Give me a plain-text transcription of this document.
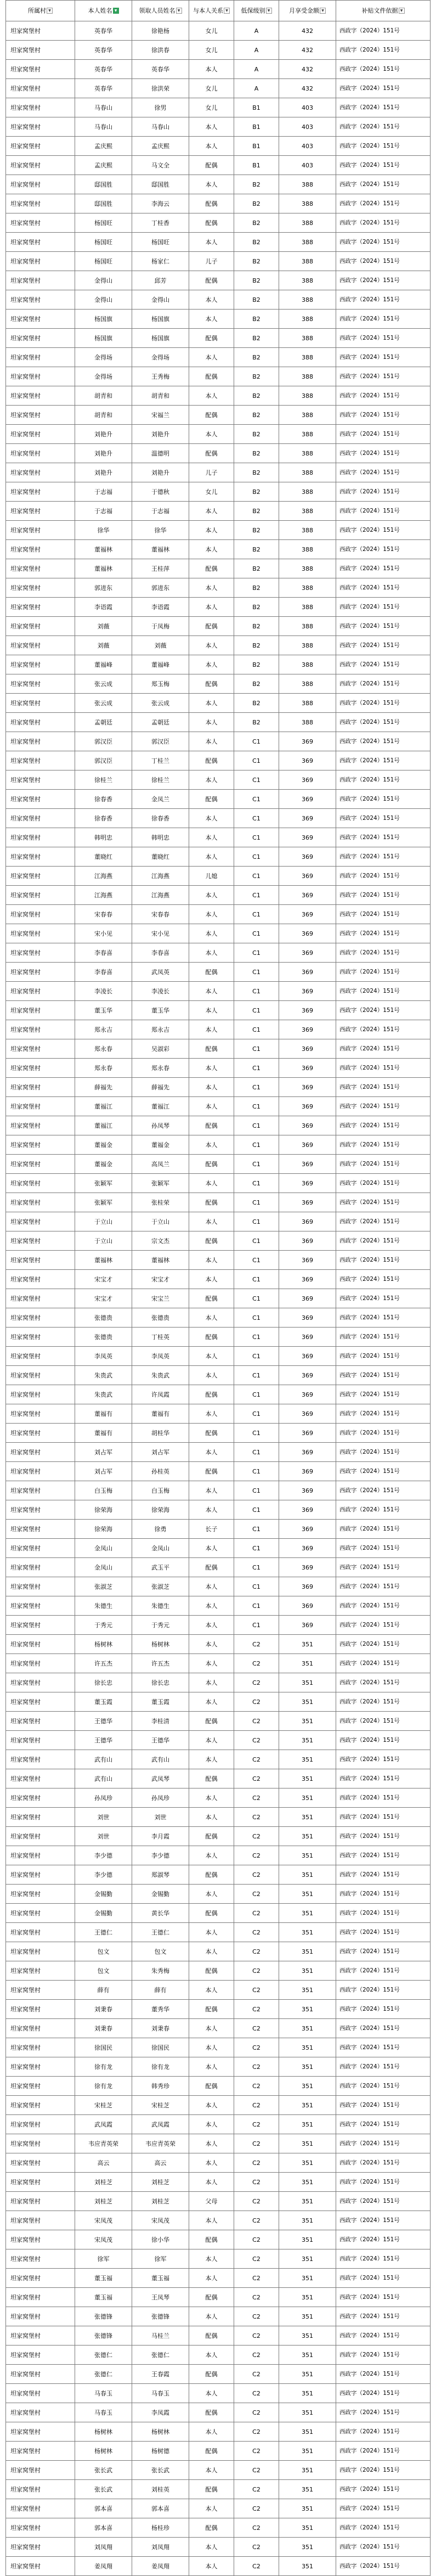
所属村 ▼	本人姓名 ▼	领取人员姓名 ▼	与本人关系 ▼	低保级别 ▼	月享受金额 ▼	补贴文件依据 ▼
坦家窝堡村	英春华	徐艳杨	女儿	A	432	西政字（2024）151号
坦家窝堡村	英春华	徐洪春	女儿	A	432	西政字（2024）151号
坦家窝堡村	英春华	英春华	本人	A	432	西政字（2024）151号
坦家窝堡村	英春华	徐洪荣	女儿	A	432	西政字（2024）151号
坦家窝堡村	马春山	徐男	女儿	B1	403	西政字（2024）151号
坦家窝堡村	马春山	马春山	本人	B1	403	西政字（2024）151号
坦家窝堡村	孟庆熙	孟庆熙	本人	B1	403	西政字（2024）151号
坦家窝堡村	孟庆熙	马文全	配偶	B1	403	西政字（2024）151号
坦家窝堡村	邸国胜	邸国胜	本人	B2	388	西政字（2024）151号
坦家窝堡村	邸国胜	李海云	配偶	B2	388	西政字（2024）151号
坦家窝堡村	杨国旺	丁桂香	配偶	B2	388	西政字（2024）151号
坦家窝堡村	杨国旺	杨国旺	本人	B2	388	西政字（2024）151号
坦家窝堡村	杨国旺	杨家仁	儿子	B2	388	西政字（2024）151号
坦家窝堡村	金得山	邱芳	配偶	B2	388	西政字（2024）151号
坦家窝堡村	金得山	金得山	本人	B2	388	西政字（2024）151号
坦家窝堡村	杨国旗	杨国旗	本人	B2	388	西政字（2024）151号
坦家窝堡村	杨国旗	杨国旗	配偶	B2	388	西政字（2024）151号
坦家窝堡村	金得场	金得场	本人	B2	388	西政字（2024）151号
坦家窝堡村	金得场	王秀梅	配偶	B2	388	西政字（2024）151号
坦家窝堡村	胡青和	胡青和	本人	B2	388	西政字（2024）151号
坦家窝堡村	胡青和	宋福兰	配偶	B2	388	西政字（2024）151号
坦家窝堡村	刘艳升	刘艳升	本人	B2	388	西政字（2024）151号
坦家窝堡村	刘艳升	温德明	配偶	B2	388	西政字（2024）151号
坦家窝堡村	刘艳升	刘艳升	儿子	B2	388	西政字（2024）151号
坦家窝堡村	于志福	于德秋	女儿	B2	388	西政字（2024）151号
坦家窝堡村	于志福	于志福	本人	B2	388	西政字（2024）151号
坦家窝堡村	徐华	徐华	本人	B2	388	西政字（2024）151号
坦家窝堡村	董福林	董福林	本人	B2	388	西政字（2024）151号
坦家窝堡村	董福林	王桂萍	配偶	B2	388	西政字（2024）151号
坦家窝堡村	郭进东	郭进东	本人	B2	388	西政字（2024）151号
坦家窝堡村	李语霞	李语霞	本人	B2	388	西政字（2024）151号
坦家窝堡村	刘薇	于凤梅	配偶	B2	388	西政字（2024）151号
坦家窝堡村	刘薇	刘薇	本人	B2	388	西政字（2024）151号
坦家窝堡村	董福峰	董福峰	本人	B2	388	西政字（2024）151号
坦家窝堡村	张云成	郑玉梅	配偶	B2	388	西政字（2024）151号
坦家窝堡村	张云成	张云成	本人	B2	388	西政字（2024）151号
坦家窝堡村	孟朝廷	孟朝廷	本人	B2	388	西政字（2024）151号
坦家窝堡村	郭汉臣	郭汉臣	本人	C1	369	西政字（2024）151号
坦家窝堡村	郭汉臣	丁桂兰	配偶	C1	369	西政字（2024）151号
坦家窝堡村	徐桂兰	徐桂兰	本人	C1	369	西政字（2024）151号
坦家窝堡村	徐春香	金凤兰	配偶	C1	369	西政字（2024）151号
坦家窝堡村	徐春香	徐春香	本人	C1	369	西政字（2024）151号
坦家窝堡村	韩明忠	韩明忠	本人	C1	369	西政字（2024）151号
坦家窝堡村	董晓红	董晓红	本人	C1	369	西政字（2024）151号
坦家窝堡村	江海燕	江海燕	儿媳	C1	369	西政字（2024）151号
坦家窝堡村	江海燕	江海燕	本人	C1	369	西政字（2024）151号
坦家窝堡村	宋春春	宋春春	本人	C1	369	西政字（2024）151号
坦家窝堡村	宋小见	宋小见	本人	C1	369	西政字（2024）151号
坦家窝堡村	李春喜	李春喜	本人	C1	369	西政字（2024）151号
坦家窝堡村	李春喜	武凤英	配偶	C1	369	西政字（2024）151号
坦家窝堡村	李凌长	李凌长	本人	C1	369	西政字（2024）151号
坦家窝堡村	董玉华	董玉华	本人	C1	369	西政字（2024）151号
坦家窝堡村	郑永吉	郑永吉	本人	C1	369	西政字（2024）151号
坦家窝堡村	郑永春	吴淑彩	配偶	C1	369	西政字（2024）151号
坦家窝堡村	郑永春	郑永春	本人	C1	369	西政字（2024）151号
坦家窝堡村	薛福先	薛福先	本人	C1	369	西政字（2024）151号
坦家窝堡村	董福江	董福江	本人	C1	369	西政字（2024）151号
坦家窝堡村	董福江	孙凤琴	配偶	C1	369	西政字（2024）151号
坦家窝堡村	董福金	董福金	本人	C1	369	西政字（2024）151号
坦家窝堡村	董福金	高凤兰	配偶	C1	369	西政字（2024）151号
坦家窝堡村	张颖军	张颖军	本人	C1	369	西政字（2024）151号
坦家窝堡村	张颖军	张桂荣	配偶	C1	369	西政字（2024）151号
坦家窝堡村	于立山	于立山	本人	C1	369	西政字（2024）151号
坦家窝堡村	于立山	宗文杰	配偶	C1	369	西政字（2024）151号
坦家窝堡村	董福林	董福林	本人	C1	369	西政字（2024）151号
坦家窝堡村	宋宝才	宋宝才	本人	C1	369	西政字（2024）151号
坦家窝堡村	宋宝才	宋宝兰	配偶	C1	369	西政字（2024）151号
坦家窝堡村	张德贵	张德贵	本人	C1	369	西政字（2024）151号
坦家窝堡村	张德贵	丁桂英	配偶	C1	369	西政字（2024）151号
坦家窝堡村	李凤英	李凤英	本人	C1	369	西政字（2024）151号
坦家窝堡村	朱贵武	朱贵武	本人	C1	369	西政字（2024）151号
坦家窝堡村	朱贵武	许凤霞	配偶	C1	369	西政字（2024）151号
坦家窝堡村	董福有	董福有	本人	C1	369	西政字（2024）151号
坦家窝堡村	董福有	胡桂华	配偶	C1	369	西政字（2024）151号
坦家窝堡村	刘占军	刘占军	本人	C1	369	西政字（2024）151号
坦家窝堡村	刘占军	孙桂英	配偶	C1	369	西政字（2024）151号
坦家窝堡村	白玉梅	白玉梅	本人	C1	369	西政字（2024）151号
坦家窝堡村	徐荣海	徐荣海	本人	C1	369	西政字（2024）151号
坦家窝堡村	徐荣海	徐勇	长子	C1	369	西政字（2024）151号
坦家窝堡村	金凤山	金凤山	本人	C1	369	西政字（2024）151号
坦家窝堡村	金凤山	武玉平	配偶	C1	369	西政字（2024）151号
坦家窝堡村	张淑芝	张淑芝	本人	C1	369	西政字（2024）151号
坦家窝堡村	朱德生	朱德生	本人	C1	369	西政字（2024）151号
坦家窝堡村	于秀元	于秀元	本人	C1	369	西政字（2024）151号
坦家窝堡村	杨树林	杨树林	本人	C2	351	西政字（2024）151号
坦家窝堡村	许五杰	许五杰	本人	C2	351	西政字（2024）151号
坦家窝堡村	徐长忠	徐长忠	本人	C2	351	西政字（2024）151号
坦家窝堡村	董玉霞	董玉霞	本人	C2	351	西政字（2024）151号
坦家窝堡村	王德华	李桂清	配偶	C2	351	西政字（2024）151号
坦家窝堡村	王德华	王德华	本人	C2	351	西政字（2024）151号
坦家窝堡村	武有山	武有山	本人	C2	351	西政字（2024）151号
坦家窝堡村	武有山	武凤琴	配偶	C2	351	西政字（2024）151号
坦家窝堡村	孙凤珍	孙凤珍	本人	C2	351	西政字（2024）151号
坦家窝堡村	刘世	刘世	本人	C2	351	西政字（2024）151号
坦家窝堡村	刘世	李月霞	配偶	C2	351	西政字（2024）151号
坦家窝堡村	李少德	李少德	本人	C2	351	西政字（2024）151号
坦家窝堡村	李少德	郑淑琴	配偶	C2	351	西政字（2024）151号
坦家窝堡村	金锡勤	金锡勤	本人	C2	351	西政字（2024）151号
坦家窝堡村	金锡勤	黄长华	配偶	C2	351	西政字（2024）151号
坦家窝堡村	王德仁	王德仁	本人	C2	351	西政字（2024）151号
坦家窝堡村	包文	包文	本人	C2	351	西政字（2024）151号
坦家窝堡村	包文	朱秀梅	配偶	C2	351	西政字（2024）151号
坦家窝堡村	薛有	薛有	本人	C2	351	西政字（2024）151号
坦家窝堡村	刘秉春	董秀华	配偶	C2	351	西政字（2024）151号
坦家窝堡村	刘秉春	刘秉春	本人	C2	351	西政字（2024）151号
坦家窝堡村	徐国民	徐国民	本人	C2	351	西政字（2024）151号
坦家窝堡村	徐有龙	徐有龙	本人	C2	351	西政字（2024）151号
坦家窝堡村	徐有龙	韩秀珍	配偶	C2	351	西政字（2024）151号
坦家窝堡村	宋桂芝	宋桂芝	本人	C2	351	西政字（2024）151号
坦家窝堡村	武凤霞	武凤霞	本人	C2	351	西政字（2024）151号
坦家窝堡村	韦应青英荣	韦应青英荣	本人	C2	351	西政字（2024）151号
坦家窝堡村	高云	高云	本人	C2	351	西政字（2024）151号
坦家窝堡村	刘桂芝	刘桂芝	本人	C2	351	西政字（2024）151号
坦家窝堡村	刘桂芝	刘桂芝	父母	C2	351	西政字（2024）151号
坦家窝堡村	宋凤茂	宋凤茂	本人	C2	351	西政字（2024）151号
坦家窝堡村	宋凤茂	徐小华	配偶	C2	351	西政字（2024）151号
坦家窝堡村	徐军	徐军	本人	C2	351	西政字（2024）151号
坦家窝堡村	董玉福	董玉福	本人	C2	351	西政字（2024）151号
坦家窝堡村	董玉福	王凤琴	配偶	C2	351	西政字（2024）151号
坦家窝堡村	张德锋	张德锋	本人	C2	351	西政字（2024）151号
坦家窝堡村	张德锋	马桂兰	配偶	C2	351	西政字（2024）151号
坦家窝堡村	张德仁	张德仁	本人	C2	351	西政字（2024）151号
坦家窝堡村	张德仁	王春霞	配偶	C2	351	西政字（2024）151号
坦家窝堡村	马春玉	马春玉	本人	C2	351	西政字（2024）151号
坦家窝堡村	马春玉	李凤霞	配偶	C2	351	西政字（2024）151号
坦家窝堡村	杨树林	杨树林	本人	C2	351	西政字（2024）151号
坦家窝堡村	杨树林	杨树德	配偶	C2	351	西政字（2024）151号
坦家窝堡村	张长武	张长武	本人	C2	351	西政字（2024）151号
坦家窝堡村	张长武	刘桂英	配偶	C2	351	西政字（2024）151号
坦家窝堡村	郭本喜	郭本喜	本人	C2	351	西政字（2024）151号
坦家窝堡村	郭本喜	杨桂珍	配偶	C2	351	西政字（2024）151号
坦家窝堡村	刘凤翔	刘凤翔	本人	C2	351	西政字（2024）151号
坦家窝堡村	姜凤翔	姜凤翔	本人	C2	351	西政字（2024）151号
